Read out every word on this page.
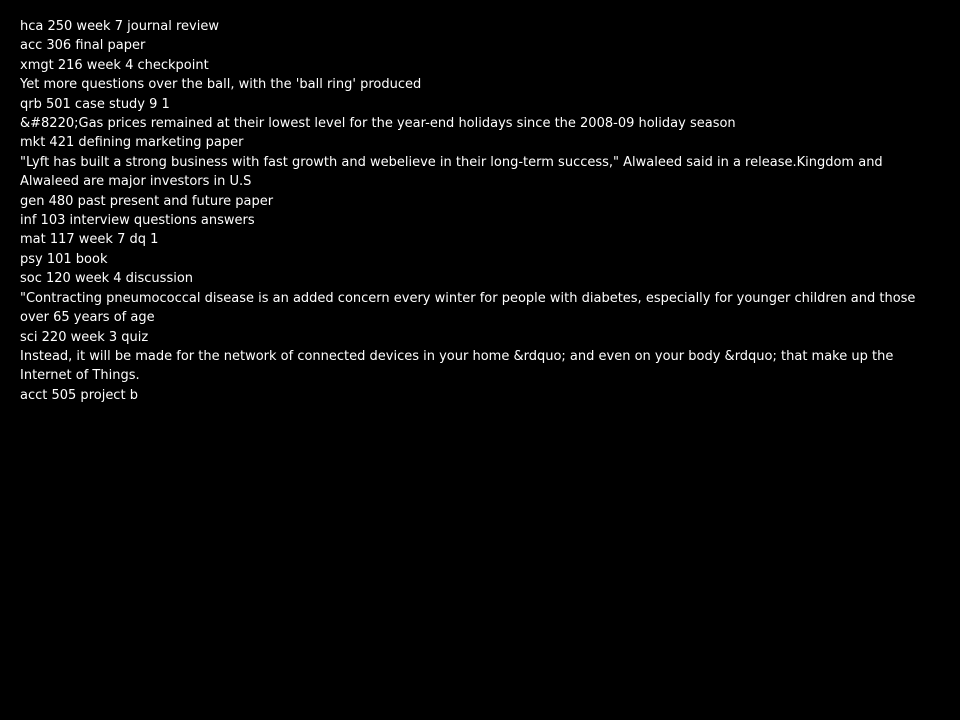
hca 250 week 7 journal review
acc 306 final paper
xmgt 216 week 4 checkpoint
Yet more questions over the ball, with the 'ball ring' produced
qrb 501 case study 9 1
&#8220;Gas prices remained at their lowest level for the year-end holidays since the 2008-09 holiday season
mkt 421 defining marketing paper
"Lyft has built a strong business with fast growth and webelieve in their long-term success," Alwaleed said in a release.Kingdom and Alwaleed are major investors in U.S
gen 480 past present and future paper
inf 103 interview questions answers
mat 117 week 7 dq 1
psy 101 book
soc 120 week 4 discussion
"Contracting pneumococcal disease is an added concern every winter for people with diabetes, especially for younger children and those over 65 years of age
sci 220 week 3 quiz
Instead, it will be made for the network of connected devices in your home &rdquo; and even on your body &rdquo; that make up the Internet of Things.
acct 505 project b
